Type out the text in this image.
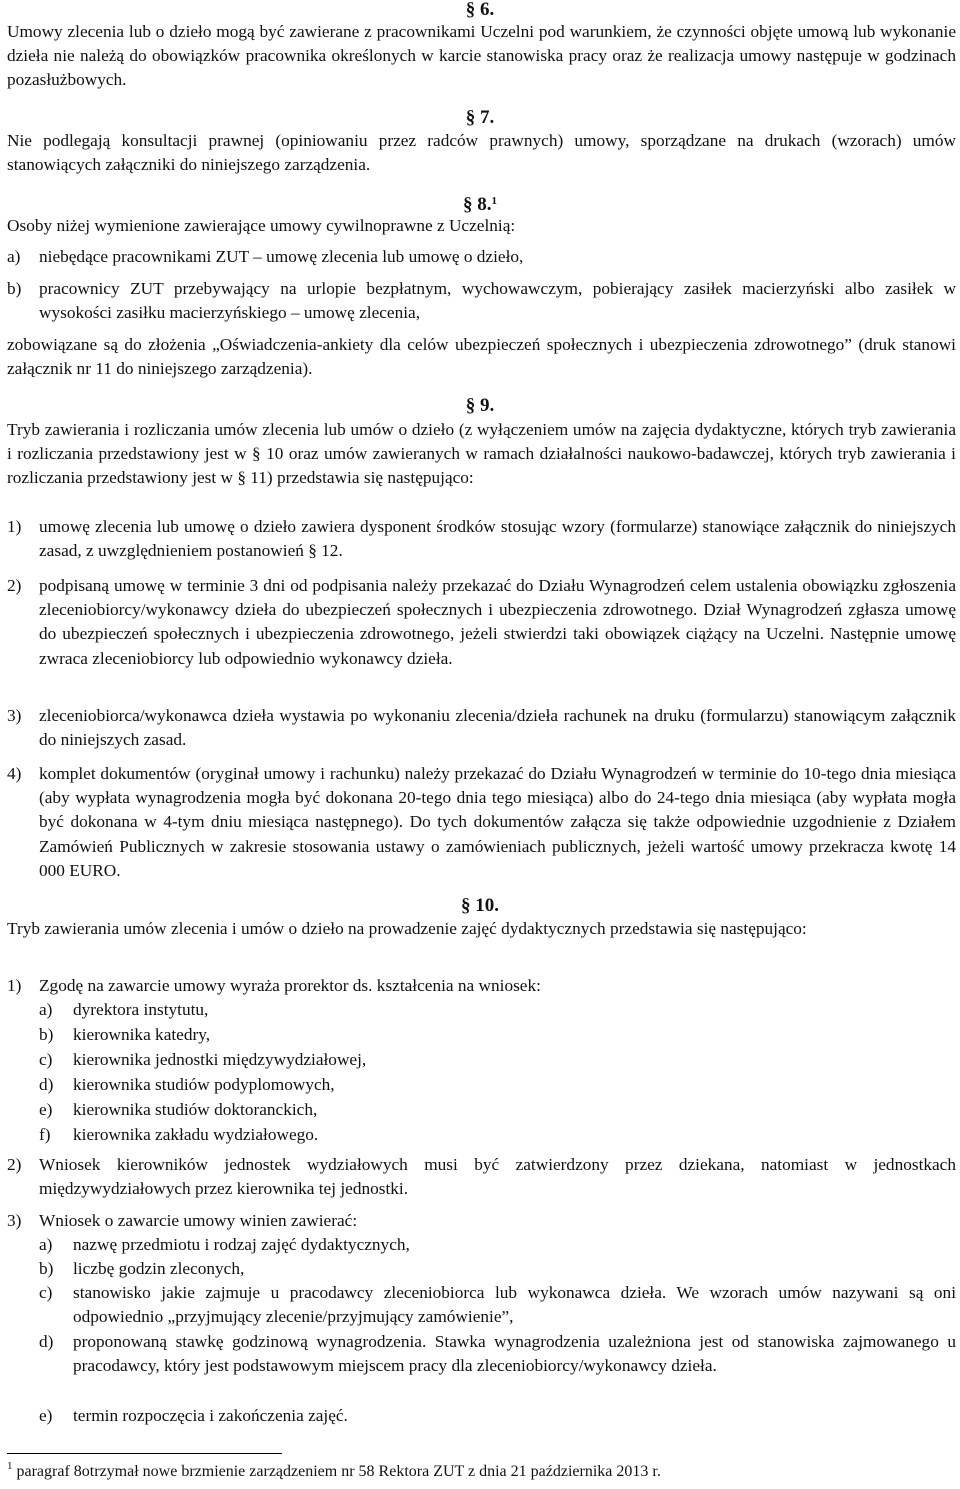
§ 6.
Umowy zlecenia lub o dzieło mogą być zawierane z pracownikami Uczelni pod warunkiem, że czynności objęte umową lub wykonanie dzieła nie należą do obowiązków pracownika określonych w karcie stanowiska pracy oraz że realizacja umowy następuje w godzinach pozasłużbowych.
§ 7.
Nie podlegają konsultacji prawnej (opiniowaniu przez radców prawnych) umowy, sporządzane na drukach (wzorach) umów stanowiących załączniki do niniejszego zarządzenia.
§ 8.$^1$
Osoby niżej wymienione zawierające umowy cywilnoprawne z Uczelnią:
a) niebędące pracownikami ZUT – umowę zlecenia lub umowę o dzieło,
b) pracownicy ZUT przebywający na urlopie bezpłatnym, wychowawczym, pobierający zasiłek macierzyński albo zasiłek w wysokości zasiłku macierzyńskiego – umowę zlecenia,
zobowiązane są do złożenia „Oświadczenia-ankiety dla celów ubezpieczeń społecznych i ubezpieczenia zdrowotnego” (druk stanowi załącznik nr 11 do niniejszego zarządzenia).
§ 9.
Tryb zawierania i rozliczania umów zlecenia lub umów o dzieło (z wyłączeniem umów na zajęcia dydaktyczne, których tryb zawierania i rozliczania przedstawiony jest w § 10 oraz umów zawieranych w ramach działalności naukowo-badawczej, których tryb zawierania i rozliczania przedstawiony jest w § 11) przedstawia się następująco:
1) umowę zlecenia lub umowę o dzieło zawiera dysponent środków stosując wzory (formularze) stanowiące załącznik do niniejszych zasad, z uwzględnieniem postanowień § 12.
2) podpisaną umowę w terminie 3 dni od podpisania należy przekazać do Działu Wynagrodzeń celem ustalenia obowiązku zgłoszenia zleceniobiorcy/wykonawcy dzieła do ubezpieczeń społecznych i ubezpieczenia zdrowotnego. Dział Wynagrodzeń zgłasza umowę do ubezpieczeń społecznych i ubezpieczenia zdrowotnego, jeżeli stwierdzi taki obowiązek ciążący na Uczelni. Następnie umowę zwraca zleceniobiorcy lub odpowiednio wykonawcy dzieła.
3) zleceniobiorca/wykonawca dzieła wystawia po wykonaniu zlecenia/dzieła rachunek na druku (formularzu) stanowiącym załącznik do niniejszych zasad.
4) komplet dokumentów (oryginał umowy i rachunku) należy przekazać do Działu Wynagrodzeń w terminie do 10-tego dnia miesiąca (aby wypłata wynagrodzenia mogła być dokonana 20-tego dnia tego miesiąca) albo do 24-tego dnia miesiąca (aby wypłata mogła być dokonana w 4-tym dniu miesiąca następnego). Do tych dokumentów załącza się także odpowiednie uzgodnienie z Działem Zamówień Publicznych w zakresie stosowania ustawy o zamówieniach publicznych, jeżeli wartość umowy przekracza kwotę 14 000 EURO.
§ 10.
Tryb zawierania umów zlecenia i umów o dzieło na prowadzenie zajęć dydaktycznych przedstawia się następująco:
1) Zgodę na zawarcie umowy wyraża prorektor ds. kształcenia na wniosek:
a) dyrektora instytutu,
b) kierownika katedry,
c) kierownika jednostki międzywydziałowej,
d) kierownika studiów podyplomowych,
e) kierownika studiów doktoranckich,
f) kierownika zakładu wydziałowego.
2) Wniosek kierowników jednostek wydziałowych musi być zatwierdzony przez dziekana, natomiast w jednostkach międzywydziałowych przez kierownika tej jednostki.
3) Wniosek o zawarcie umowy winien zawierać:
a) nazwę przedmiotu i rodzaj zajęć dydaktycznych,
b) liczbę godzin zleconych,
c) stanowisko jakie zajmuje u pracodawcy zleceniobiorca lub wykonawca dzieła. We wzorach umów nazywani są oni odpowiednio „przyjmujący zlecenie/przyjmujący zamówienie”,
d) proponowaną stawkę godzinową wynagrodzenia. Stawka wynagrodzenia uzależniona jest od stanowiska zajmowanego u pracodawcy, który jest podstawowym miejscem pracy dla zleceniobiorcy/wykonawcy dzieła.
e) termin rozpoczęcia i zakończenia zajęć.
$^1$ paragraf 8otrzymał nowe brzmienie zarządzeniem nr 58 Rektora ZUT z dnia 21 października 2013 r.
